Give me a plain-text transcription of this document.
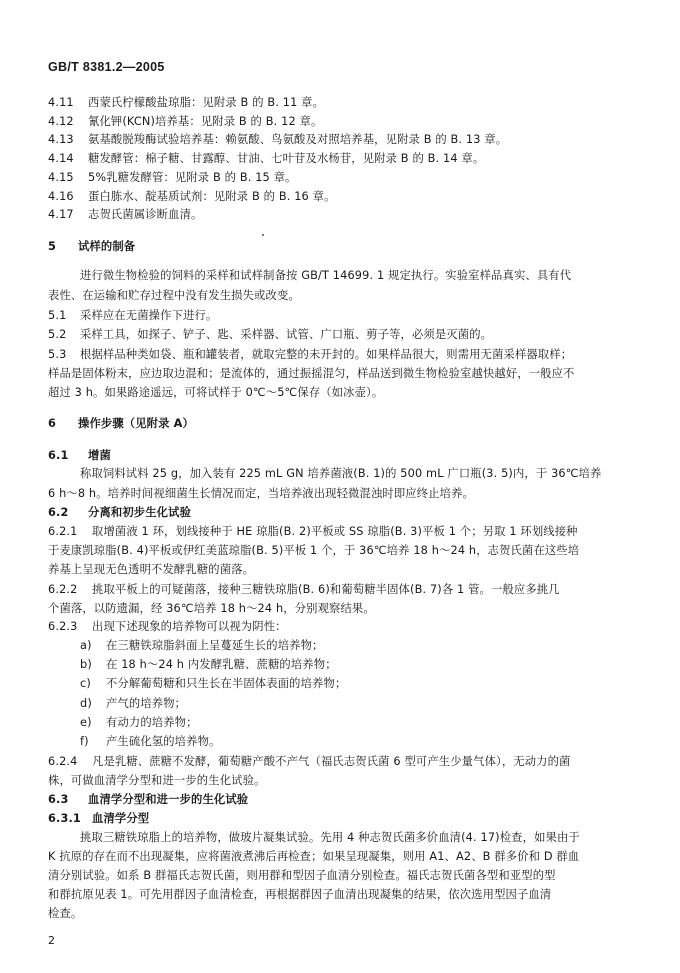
GB/T 8381.2—2005
4.11 西蒙氏柠檬酸盐琼脂：见附录 B 的 B. 11 章。
4.12 氰化钾(KCN)培养基：见附录 B 的 B. 12 章。
4.13 氨基酸脱羧酶试验培养基：赖氨酸、鸟氨酸及对照培养基，见附录 B 的 B. 13 章。
4.14 糖发酵管：棉子糖、甘露醇、甘油、七叶苷及水杨苷，见附录 B 的 B. 14 章。
4.15 5%乳糖发酵管：见附录 B 的 B. 15 章。
4.16 蛋白胨水、靛基质试剂：见附录 B 的 B. 16 章。
4.17 志贺氏菌属诊断血清。
5 试样的制备
进行微生物检验的饲料的采样和试样制备按 GB/T 14699. 1 规定执行。实验室样品真实、具有代
表性、在运输和贮存过程中没有发生损失或改变。
5.1 采样应在无菌操作下进行。
5.2 采样工具，如探子、铲子、匙、采样器、试管、广口瓶、剪子等，必须是灭菌的。
5.3 根据样品种类如袋、瓶和罐装者，就取完整的未开封的。如果样品很大，则需用无菌采样器取样；
样品是固体粉末，应边取边混和；是流体的，通过振摇混匀，样品送到微生物检验室越快越好，一般应不
超过 3 h。如果路途遥远，可将试样于 0℃～5℃保存（如冰壶）。
6 操作步骤（见附录 A）
6.1 增菌
称取饲料试料 25 g，加入装有 225 mL GN 培养菌液(B. 1)的 500 mL 广口瓶(3. 5)内，于 36℃培养
6 h～8 h。培养时间视细菌生长情况而定，当培养液出现轻微混浊时即应终止培养。
6.2 分离和初步生化试验
6.2.1 取增菌液 1 环，划线接种于 HE 琼脂(B. 2)平板或 SS 琼脂(B. 3)平板 1 个；另取 1 环划线接种
于麦康凯琼脂(B. 4)平板或伊红美蓝琼脂(B. 5)平板 1 个，于 36℃培养 18 h～24 h，志贺氏菌在这些培
养基上呈现无色透明不发酵乳糖的菌落。
6.2.2 挑取平板上的可疑菌落，接种三糖铁琼脂(B. 6)和葡萄糖半固体(B. 7)各 1 管。一般应多挑几
个菌落，以防遗漏，经 36℃培养 18 h～24 h，分别观察结果。
6.2.3 出现下述现象的培养物可以视为阴性：
a) 在三糖铁琼脂斜面上呈蔓延生长的培养物；
b) 在 18 h～24 h 内发酵乳糖、蔗糖的培养物；
c) 不分解葡萄糖和只生长在半固体表面的培养物；
d) 产气的培养物；
e) 有动力的培养物；
f) 产生硫化氢的培养物。
6.2.4 凡是乳糖、蔗糖不发酵，葡萄糖产酸不产气（福氏志贺氏菌 6 型可产生少量气体），无动力的菌
株，可做血清学分型和进一步的生化试验。
6.3 血清学分型和进一步的生化试验
6.3.1 血清学分型
挑取三糖铁琼脂上的培养物，做玻片凝集试验。先用 4 种志贺氏菌多价血清(4. 17)检查，如果由于
K 抗原的存在而不出现凝集，应将菌液煮沸后再检查；如果呈现凝集，则用 A1、A2、B 群多价和 D 群血
清分别试验。如系 B 群福氏志贺氏菌，则用群和型因子血清分别检查。福氏志贺氏菌各型和亚型的型
和群抗原见表 1。可先用群因子血清检查，再根据群因子血清出现凝集的结果，依次选用型因子血清
检查。
2
